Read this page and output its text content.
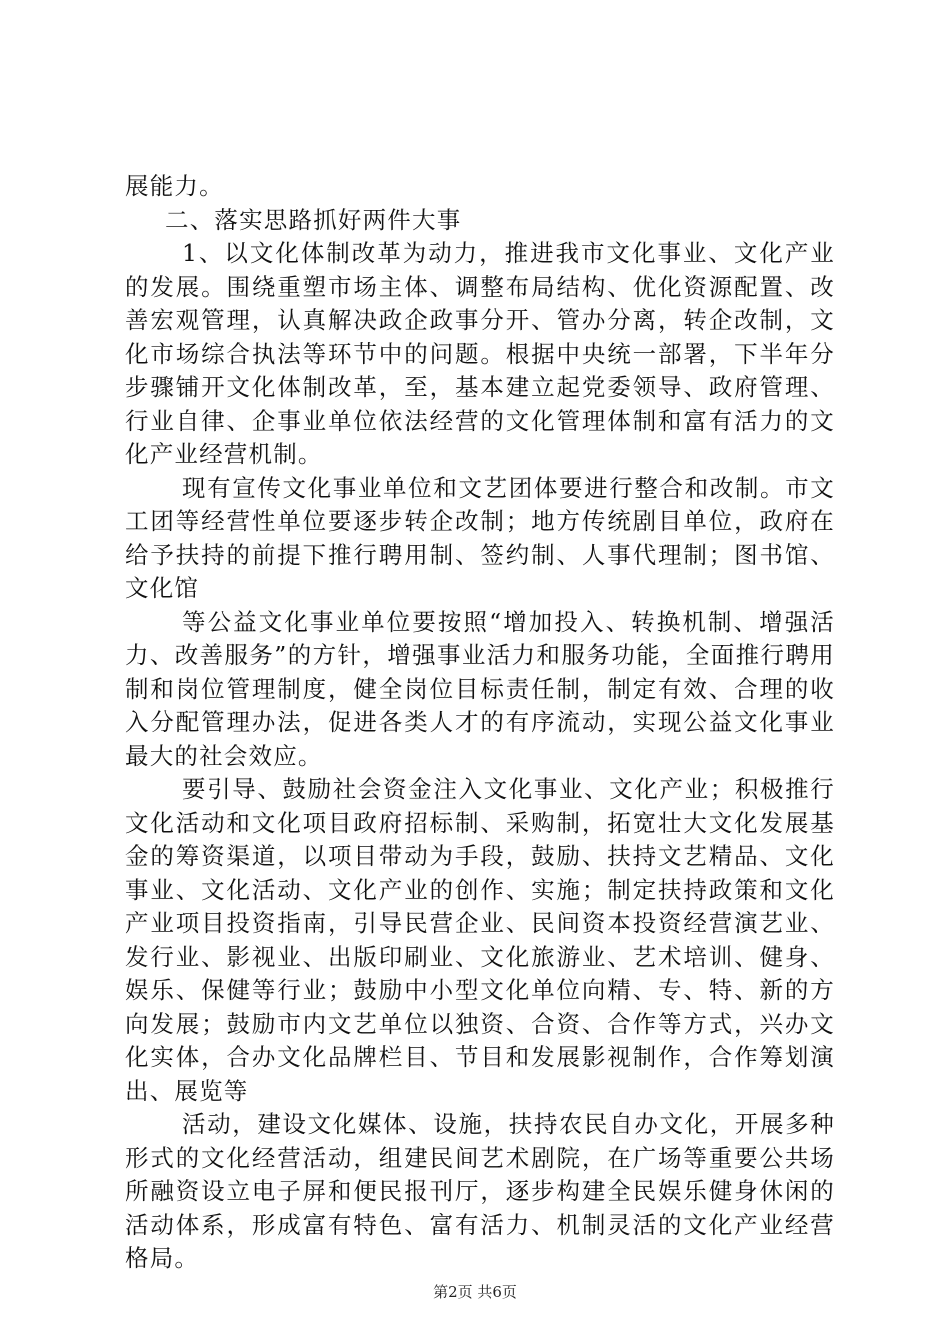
展能力。

二、落实思路抓好两件大事

1、以文化体制改革为动力，推进我市文化事业、文化产业的发展。围绕重塑市场主体、调整布局结构、优化资源配置、改善宏观管理，认真解决政企政事分开、管办分离，转企改制，文化市场综合执法等环节中的问题。根据中央统一部署，下半年分步骤铺开文化体制改革，至，基本建立起党委领导、政府管理、行业自律、企事业单位依法经营的文化管理体制和富有活力的文化产业经营机制。

现有宣传文化事业单位和文艺团体要进行整合和改制。市文工团等经营性单位要逐步转企改制；地方传统剧目单位，政府在给予扶持的前提下推行聘用制、签约制、人事代理制；图书馆、文化馆

等公益文化事业单位要按照“增加投入、转换机制、增强活力、改善服务”的方针，增强事业活力和服务功能，全面推行聘用制和岗位管理制度，健全岗位目标责任制，制定有效、合理的收入分配管理办法，促进各类人才的有序流动，实现公益文化事业最大的社会效应。

要引导、鼓励社会资金注入文化事业、文化产业；积极推行文化活动和文化项目政府招标制、采购制，拓宽壮大文化发展基金的筹资渠道，以项目带动为手段，鼓励、扶持文艺精品、文化事业、文化活动、文化产业的创作、实施；制定扶持政策和文化产业项目投资指南，引导民营企业、民间资本投资经营演艺业、发行业、影视业、出版印刷业、文化旅游业、艺术培训、健身、娱乐、保健等行业；鼓励中小型文化单位向精、专、特、新的方向发展；鼓励市内文艺单位以独资、合资、合作等方式，兴办文化实体，合办文化品牌栏目、节目和发展影视制作，合作筹划演出、展览等

活动，建设文化媒体、设施，扶持农民自办文化，开展多种形式的文化经营活动，组建民间艺术剧院，在广场等重要公共场所融资设立电子屏和便民报刊厅，逐步构建全民娱乐健身休闲的活动体系，形成富有特色、富有活力、机制灵活的文化产业经营格局。

第2页 共6页
